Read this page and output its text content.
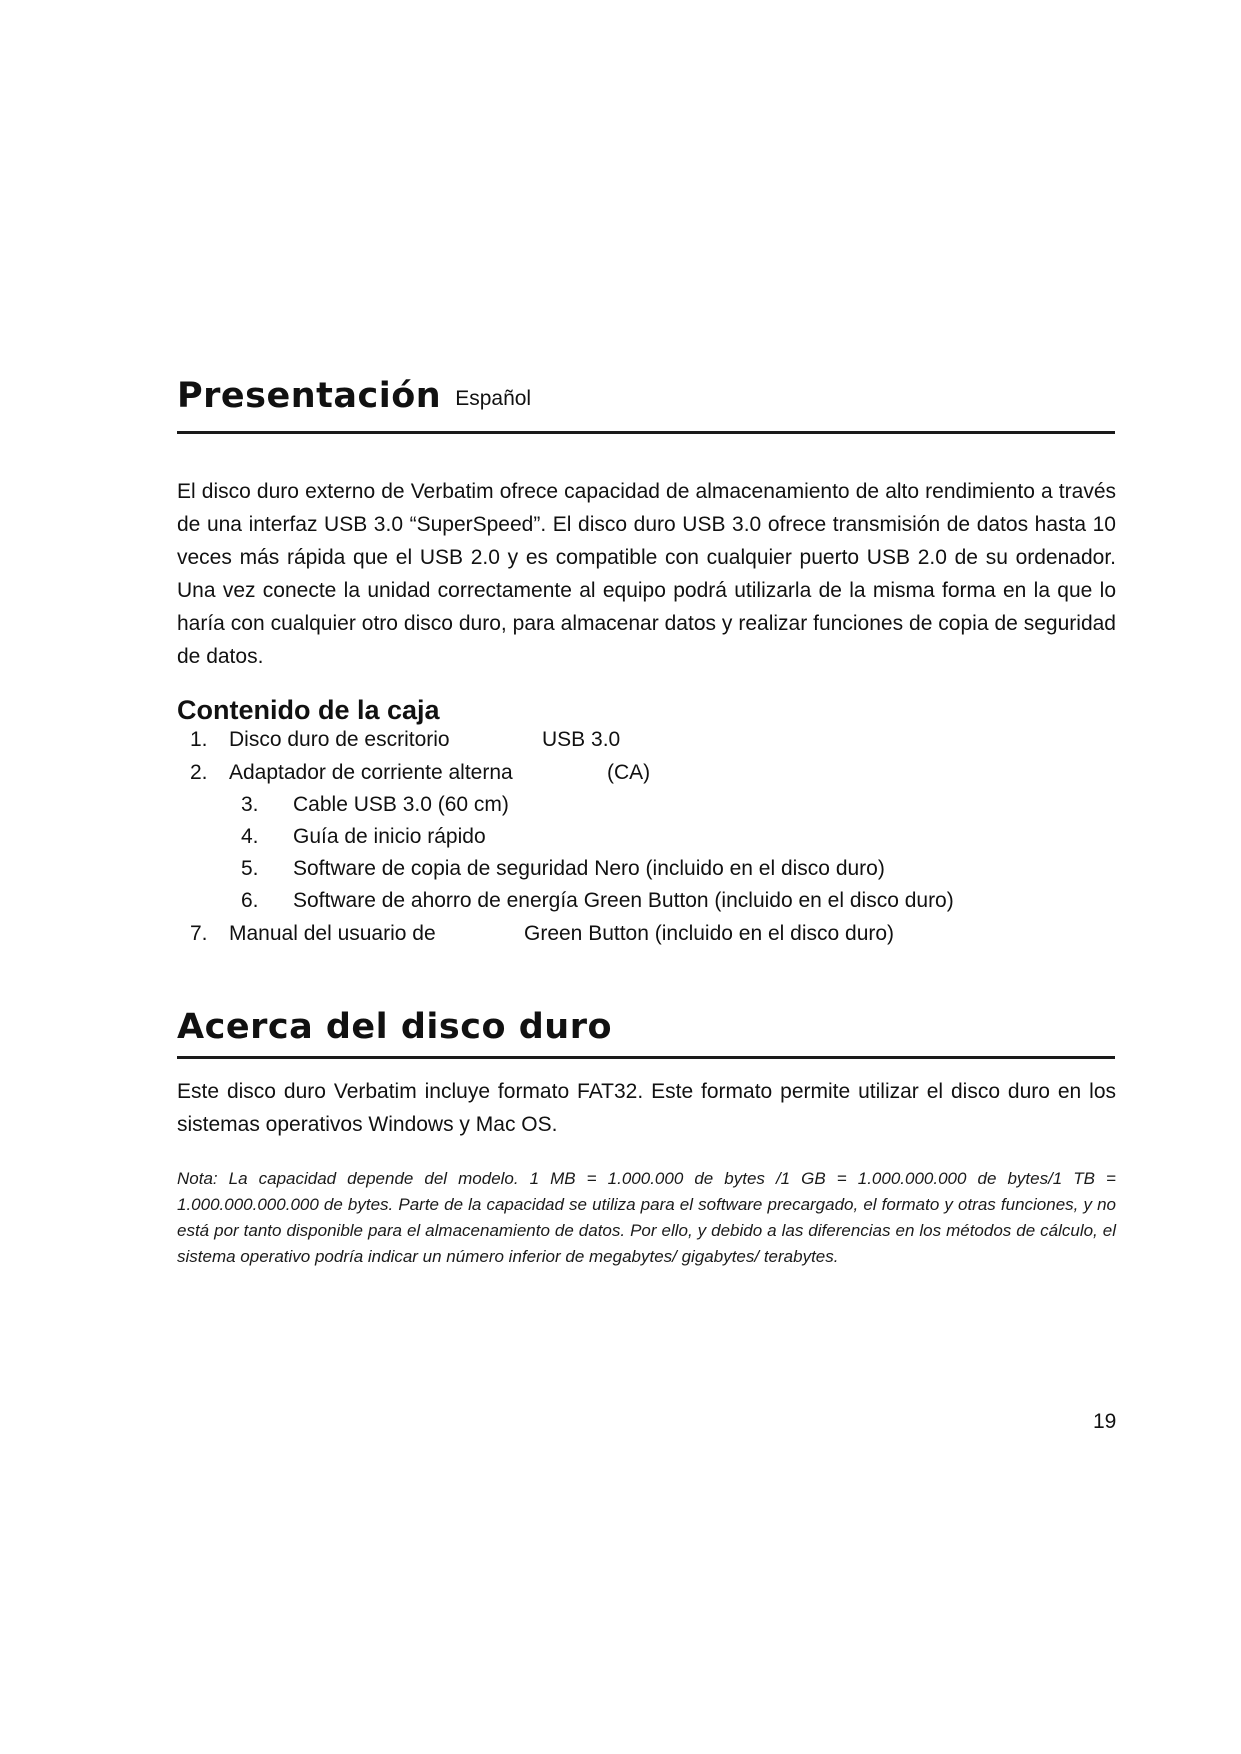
Presentación Español

El disco duro externo de Verbatim ofrece capacidad de almacenamiento de alto rendimiento a través de una interfaz USB 3.0 “SuperSpeed”. El disco duro USB 3.0 ofrece transmisión de datos hasta 10 veces más rápida que el USB 2.0 y es compatible con cualquier puerto USB 2.0 de su ordenador. Una vez conecte la unidad correctamente al equipo podrá utilizarla de la misma forma en la que lo haría con cualquier otro disco duro, para almacenar datos y realizar funciones de copia de seguridad de datos.

Contenido de la caja
1. Disco duro de escritorio	USB 3.0
2. Adaptador de corriente alterna	(CA)
3. Cable USB 3.0 (60 cm)
4. Guía de inicio rápido
5. Software de copia de seguridad Nero (incluido en el disco duro)
6. Software de ahorro de energía Green Button (incluido en el disco duro)
7. Manual del usuario de	Green Button (incluido en el disco duro)
Acerca del disco duro

Este disco duro Verbatim incluye formato FAT32. Este formato permite utilizar el disco duro en los sistemas operativos Windows y Mac OS.

Nota: La capacidad depende del modelo. 1 MB = 1.000.000 de bytes /1 GB = 1.000.000.000 de bytes/1 TB = 1.000.000.000.000 de bytes. Parte de la capacidad se utiliza para el software precargado, el formato y otras funciones, y no está por tanto disponible para el almacenamiento de datos. Por ello, y debido a las diferencias en los métodos de cálculo, el sistema operativo podría indicar un número inferior de megabytes/ gigabytes/ terabytes.

19
